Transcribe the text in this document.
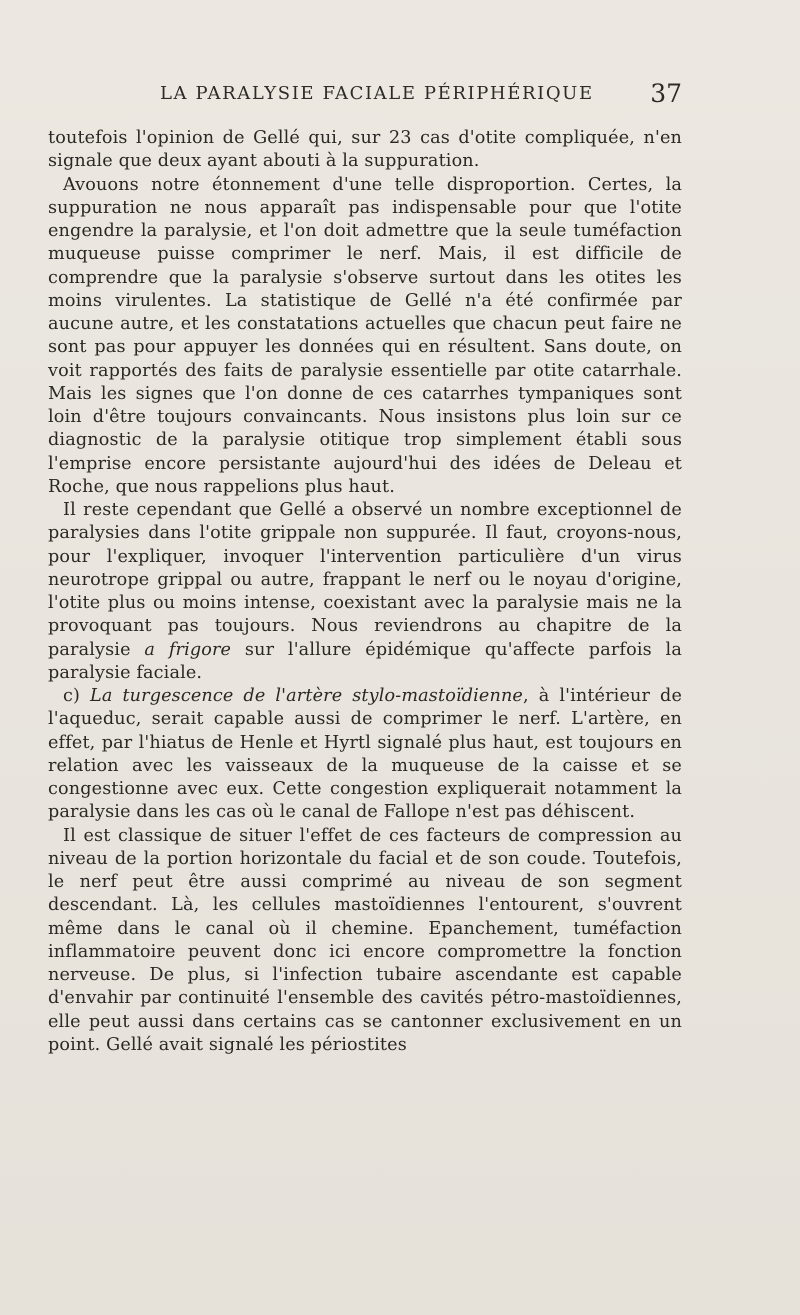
LA PARALYSIE FACIALE PÉRIPHÉRIQUE 37

toutefois l'opinion de Gellé qui, sur 23 cas d'otite compliquée, n'en signale que deux ayant abouti à la suppuration.

Avouons notre étonnement d'une telle disproportion. Certes, la suppuration ne nous apparaît pas indispensable pour que l'otite engendre la paralysie, et l'on doit admettre que la seule tuméfaction muqueuse puisse comprimer le nerf. Mais, il est difficile de comprendre que la paralysie s'observe surtout dans les otites les moins virulentes. La statistique de Gellé n'a été confirmée par aucune autre, et les constatations actuelles que chacun peut faire ne sont pas pour appuyer les données qui en résultent. Sans doute, on voit rapportés des faits de paralysie essentielle par otite catarrhale. Mais les signes que l'on donne de ces catarrhes tympaniques sont loin d'être toujours convaincants. Nous insistons plus loin sur ce diagnostic de la paralysie otitique trop simplement établi sous l'emprise encore persistante aujourd'hui des idées de Deleau et Roche, que nous rappelions plus haut.

Il reste cependant que Gellé a observé un nombre exceptionnel de paralysies dans l'otite grippale non suppurée. Il faut, croyons-nous, pour l'expliquer, invoquer l'intervention particulière d'un virus neurotrope grippal ou autre, frappant le nerf ou le noyau d'origine, l'otite plus ou moins intense, coexistant avec la paralysie mais ne la provoquant pas toujours. Nous reviendrons au chapitre de la paralysie a frigore sur l'allure épidémique qu'affecte parfois la paralysie faciale.

c) La turgescence de l'artère stylo-mastoïdienne, à l'intérieur de l'aqueduc, serait capable aussi de comprimer le nerf. L'artère, en effet, par l'hiatus de Henle et Hyrtl signalé plus haut, est toujours en relation avec les vaisseaux de la muqueuse de la caisse et se congestionne avec eux. Cette congestion expliquerait notamment la paralysie dans les cas où le canal de Fallope n'est pas déhiscent.

Il est classique de situer l'effet de ces facteurs de compression au niveau de la portion horizontale du facial et de son coude. Toutefois, le nerf peut être aussi comprimé au niveau de son segment descendant. Là, les cellules mastoïdiennes l'entourent, s'ouvrent même dans le canal où il chemine. Epanchement, tuméfaction inflammatoire peuvent donc ici encore compromettre la fonction nerveuse. De plus, si l'infection tubaire ascendante est capable d'envahir par continuité l'ensemble des cavités pétro-mastoïdiennes, elle peut aussi dans certains cas se cantonner exclusivement en un point. Gellé avait signalé les périostites
